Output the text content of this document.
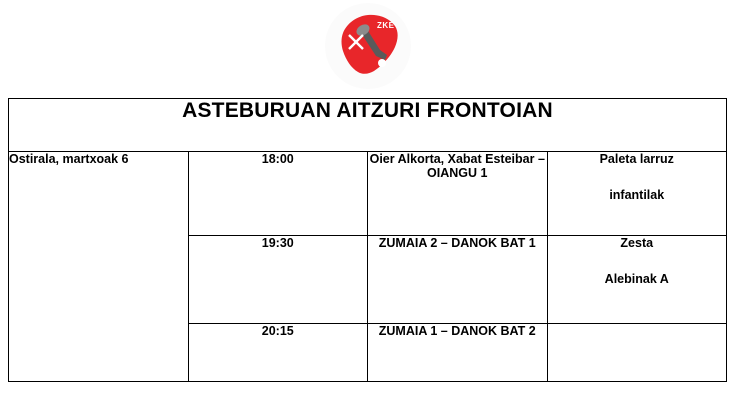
ZKE
ASTEBURUAN AITZURI FRONTOIAN			
Ostirala, martxoak 6	18:00	Oier Alkorta, Xabat Esteibar – OIANGU 1	Paleta larruz
infantilak

	19:30	ZUMAIA 2 – DANOK BAT 1	Zesta
Alebinak A

	20:15	ZUMAIA 1 – DANOK BAT 2	
